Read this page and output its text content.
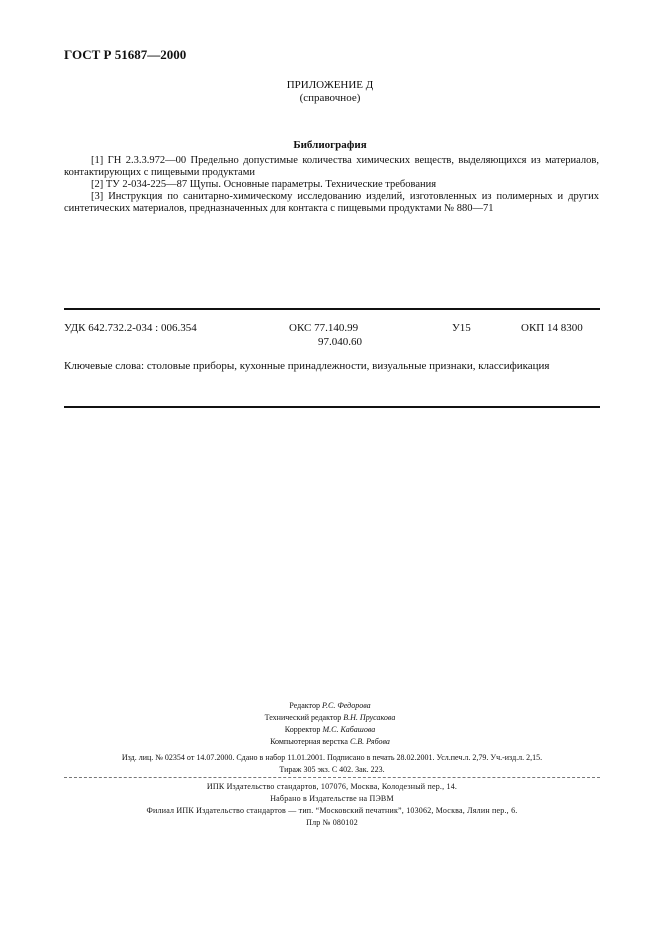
ГОСТ Р 51687—2000
ПРИЛОЖЕНИЕ Д
(справочное)
Библиография

[1] ГН 2.3.3.972—00 Предельно допустимые количества химических веществ, выделяющихся из материалов, контактирующих с пищевыми продуктами

[2] ТУ 2-034-225—87 Щупы. Основные параметры. Технические требования

[3] Инструкция по санитарно-химическому исследованию изделий, изготовленных из полимерных и других синтетических материалов, предназначенных для контакта с пищевыми продуктами № 880—71

УДК 642.732.2-034 : 006.354	ОКС 77.140.99
97.040.60
У15	ОКП 14 8300
Ключевые слова: столовые приборы, кухонные принадлежности, визуальные признаки, классификация
Редактор Р.С. Федорова
Технический редактор В.Н. Прусакова
Корректор М.С. Кабашова
Компьютерная верстка С.В. Рябова
Изд. лиц. № 02354 от 14.07.2000. Сдано в набор 11.01.2001. Подписано в печать 28.02.2001. Усл.печ.л. 2,79. Уч.-изд.л. 2,15.
Тираж 305 экз. С 402. Зак. 223.
ИПК Издательство стандартов, 107076, Москва, Колодезный пер., 14.
Набрано в Издательстве на ПЭВМ
Филиал ИПК Издательство стандартов — тип. “Московский печатник”, 103062, Москва, Лялин пер., 6.
Плр № 080102
